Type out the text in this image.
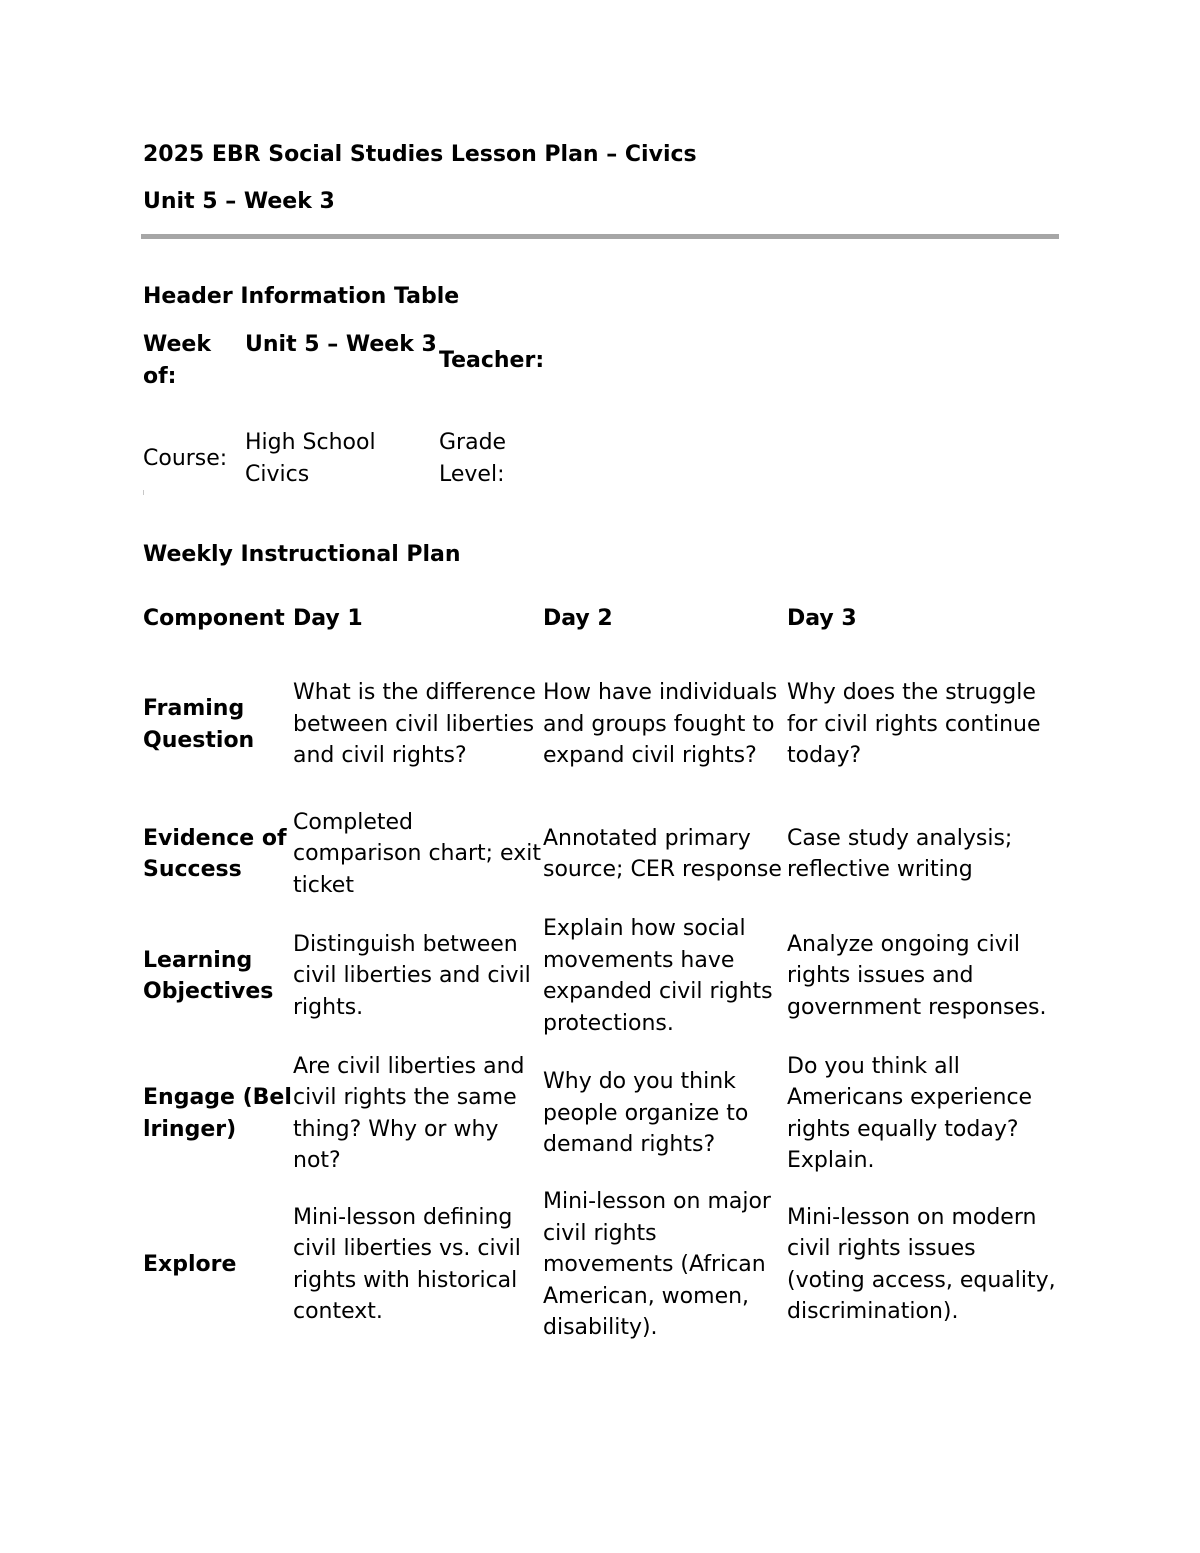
2025 EBR Social Studies Lesson Plan – Civics
Unit 5 – Week 3
Header Information Table
Week of:	Unit 5 – Week 3	Teacher:
Course:	High School Civics	Grade Level:
Weekly Instructional Plan
Component	Day 1	Day 2	Day 3
Framing Question	What is the difference between civil liberties and civil rights?	How have individuals and groups fought to expand civil rights?	Why does the struggle for civil rights continue today?
Evidence of Success	Completed comparison chart; exit ticket	Annotated primary source; CER response	Case study analysis; reflective writing
Learning Objectives	Distinguish between civil liberties and civil rights.	Explain how social movements have expanded civil rights protections.	Analyze ongoing civil rights issues and government responses.
Engage (Bellringer)	Are civil liberties and civil rights the same thing? Why or why not?	Why do you think people organize to demand rights?	Do you think all Americans experience rights equally today? Explain.
Explore	Mini-lesson defining civil liberties vs. civil rights with historical context.	Mini-lesson on major civil rights movements (African American, women, disability).	Mini-lesson on modern civil rights issues (voting access, equality, discrimination).
